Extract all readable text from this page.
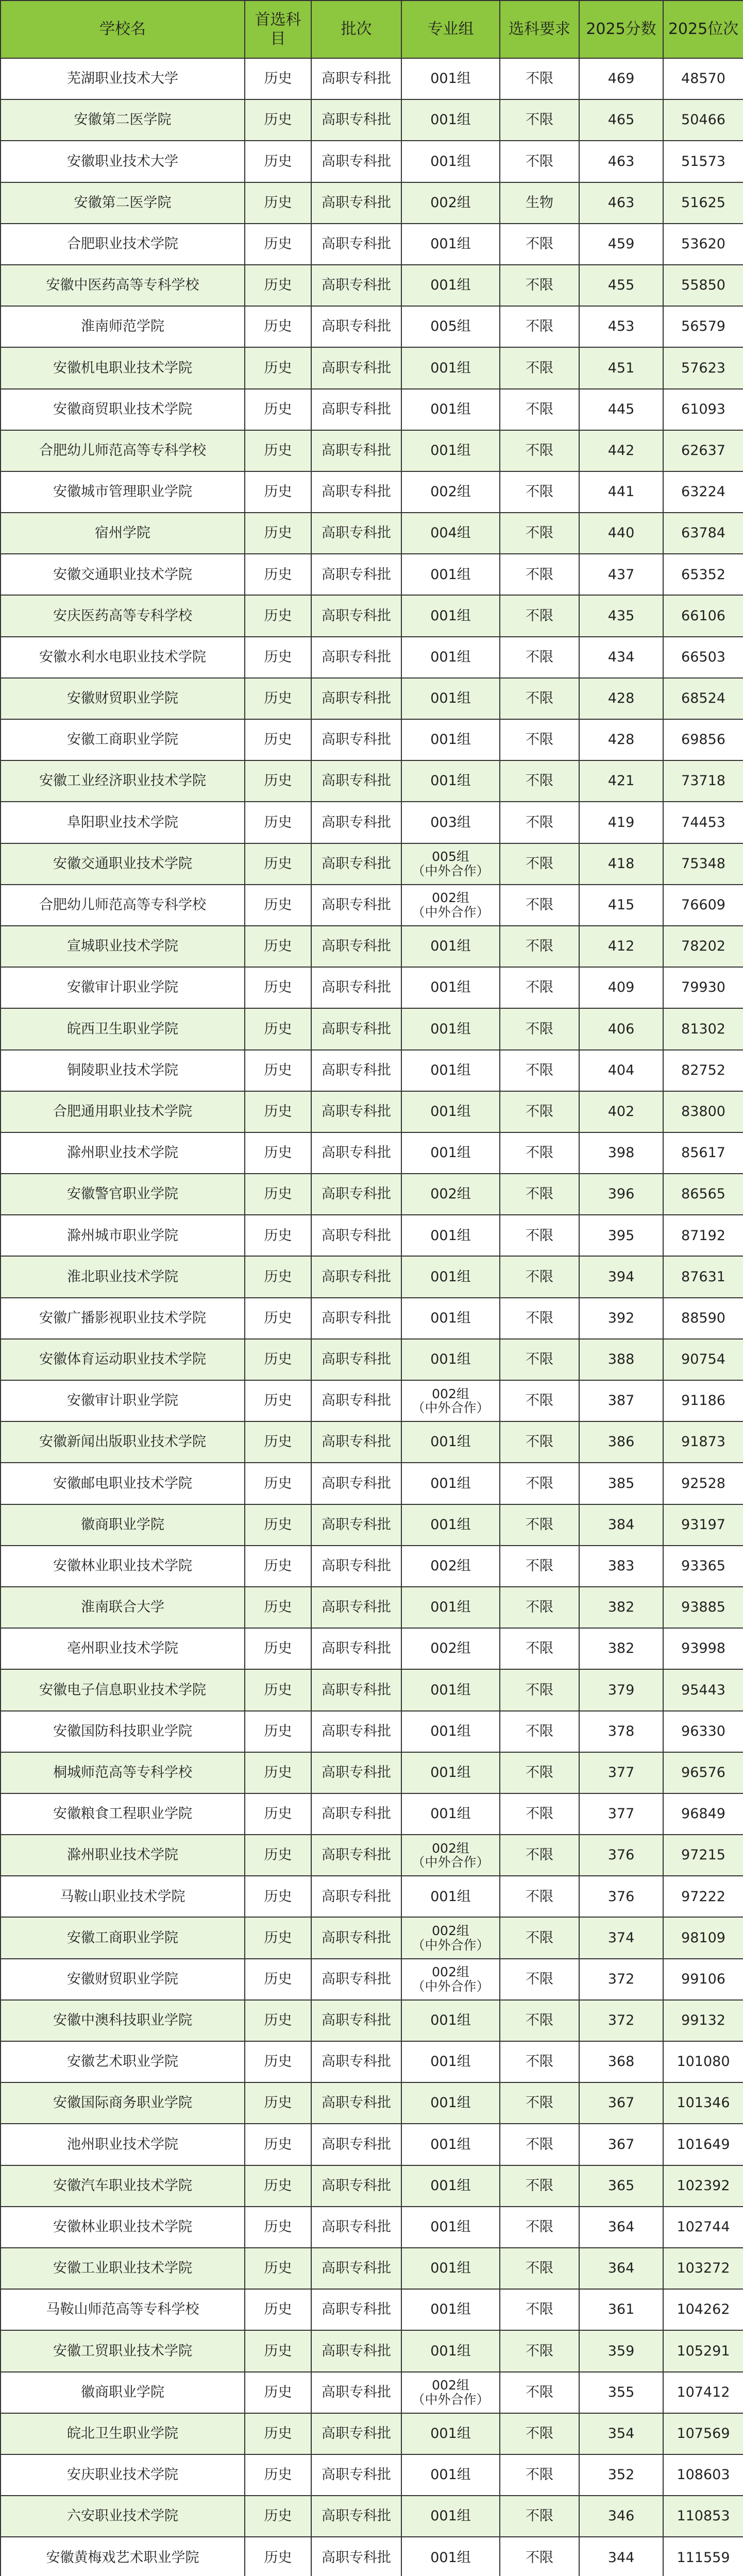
学校名	首选科目	批次	专业组	选科要求	2025分数	2025位次
芜湖职业技术大学	历史	高职专科批	001组	不限	469	48570
安徽第二医学院	历史	高职专科批	001组	不限	465	50466
安徽职业技术大学	历史	高职专科批	001组	不限	463	51573
安徽第二医学院	历史	高职专科批	002组	生物	463	51625
合肥职业技术学院	历史	高职专科批	001组	不限	459	53620
安徽中医药高等专科学校	历史	高职专科批	001组	不限	455	55850
淮南师范学院	历史	高职专科批	005组	不限	453	56579
安徽机电职业技术学院	历史	高职专科批	001组	不限	451	57623
安徽商贸职业技术学院	历史	高职专科批	001组	不限	445	61093
合肥幼儿师范高等专科学校	历史	高职专科批	001组	不限	442	62637
安徽城市管理职业学院	历史	高职专科批	002组	不限	441	63224
宿州学院	历史	高职专科批	004组	不限	440	63784
安徽交通职业技术学院	历史	高职专科批	001组	不限	437	65352
安庆医药高等专科学校	历史	高职专科批	001组	不限	435	66106
安徽水利水电职业技术学院	历史	高职专科批	001组	不限	434	66503
安徽财贸职业学院	历史	高职专科批	001组	不限	428	68524
安徽工商职业学院	历史	高职专科批	001组	不限	428	69856
安徽工业经济职业技术学院	历史	高职专科批	001组	不限	421	73718
阜阳职业技术学院	历史	高职专科批	003组	不限	419	74453
安徽交通职业技术学院	历史	高职专科批	005组
（中外合作）	不限	418	75348
合肥幼儿师范高等专科学校	历史	高职专科批	002组
（中外合作）	不限	415	76609
宣城职业技术学院	历史	高职专科批	001组	不限	412	78202
安徽审计职业学院	历史	高职专科批	001组	不限	409	79930
皖西卫生职业学院	历史	高职专科批	001组	不限	406	81302
铜陵职业技术学院	历史	高职专科批	001组	不限	404	82752
合肥通用职业技术学院	历史	高职专科批	001组	不限	402	83800
滁州职业技术学院	历史	高职专科批	001组	不限	398	85617
安徽警官职业学院	历史	高职专科批	002组	不限	396	86565
滁州城市职业学院	历史	高职专科批	001组	不限	395	87192
淮北职业技术学院	历史	高职专科批	001组	不限	394	87631
安徽广播影视职业技术学院	历史	高职专科批	001组	不限	392	88590
安徽体育运动职业技术学院	历史	高职专科批	001组	不限	388	90754
安徽审计职业学院	历史	高职专科批	002组
（中外合作）	不限	387	91186
安徽新闻出版职业技术学院	历史	高职专科批	001组	不限	386	91873
安徽邮电职业技术学院	历史	高职专科批	001组	不限	385	92528
徽商职业学院	历史	高职专科批	001组	不限	384	93197
安徽林业职业技术学院	历史	高职专科批	002组	不限	383	93365
淮南联合大学	历史	高职专科批	001组	不限	382	93885
亳州职业技术学院	历史	高职专科批	002组	不限	382	93998
安徽电子信息职业技术学院	历史	高职专科批	001组	不限	379	95443
安徽国防科技职业学院	历史	高职专科批	001组	不限	378	96330
桐城师范高等专科学校	历史	高职专科批	001组	不限	377	96576
安徽粮食工程职业学院	历史	高职专科批	001组	不限	377	96849
滁州职业技术学院	历史	高职专科批	002组
（中外合作）	不限	376	97215
马鞍山职业技术学院	历史	高职专科批	001组	不限	376	97222
安徽工商职业学院	历史	高职专科批	002组
（中外合作）	不限	374	98109
安徽财贸职业学院	历史	高职专科批	002组
（中外合作）	不限	372	99106
安徽中澳科技职业学院	历史	高职专科批	001组	不限	372	99132
安徽艺术职业学院	历史	高职专科批	001组	不限	368	101080
安徽国际商务职业学院	历史	高职专科批	001组	不限	367	101346
池州职业技术学院	历史	高职专科批	001组	不限	367	101649
安徽汽车职业技术学院	历史	高职专科批	001组	不限	365	102392
安徽林业职业技术学院	历史	高职专科批	001组	不限	364	102744
安徽工业职业技术学院	历史	高职专科批	001组	不限	364	103272
马鞍山师范高等专科学校	历史	高职专科批	001组	不限	361	104262
安徽工贸职业技术学院	历史	高职专科批	001组	不限	359	105291
徽商职业学院	历史	高职专科批	002组
（中外合作）	不限	355	107412
皖北卫生职业学院	历史	高职专科批	001组	不限	354	107569
安庆职业技术学院	历史	高职专科批	001组	不限	352	108603
六安职业技术学院	历史	高职专科批	001组	不限	346	110853
安徽黄梅戏艺术职业学院	历史	高职专科批	001组	不限	344	111559
